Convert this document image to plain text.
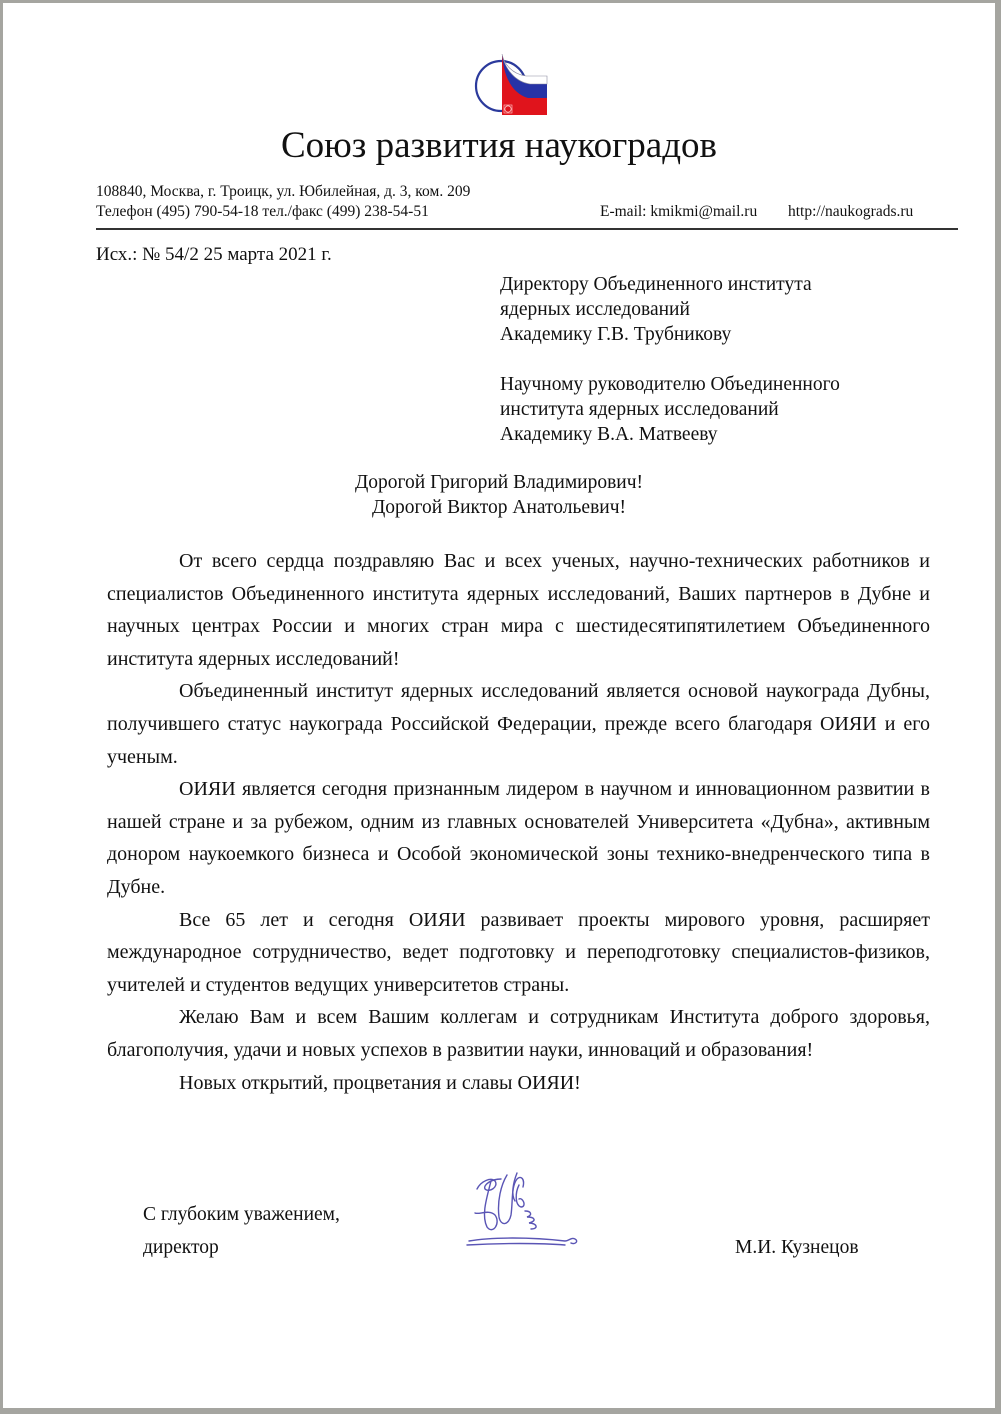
Союз развития наукоградов
108840, Москва, г. Троицк, ул. Юбилейная, д. 3, ком. 209
Телефон (495) 790-54-18 тел./факс (499) 238-54-51	E-mail: kmikmi@mail.ru http://naukograds.ru
Исх.: № 54/2 25 марта 2021 г.
Директору Объединенного института
ядерных исследований
Академику Г.В. Трубникову
Научному руководителю Объединенного
института ядерных исследований
Академику В.А. Матвееву
Дорогой Григорий Владимирович!
Дорогой Виктор Анатольевич!

От всего сердца поздравляю Вас и всех ученых, научно-технических работников и специалистов Объединенного института ядерных исследований, Ваших партнеров в Дубне и научных центрах России и многих стран мира с шестидесятипятилетием Объединенного института ядерных исследований!

Объединенный институт ядерных исследований является основой наукограда Дубны, получившего статус наукограда Российской Федерации, прежде всего благодаря ОИЯИ и его ученым.

ОИЯИ является сегодня признанным лидером в научном и инновационном развитии в нашей стране и за рубежом, одним из главных основателей Университета «Дубна», активным донором наукоемкого бизнеса и Особой экономической зоны технико-внедренческого типа в Дубне.

Все 65 лет и сегодня ОИЯИ развивает проекты мирового уровня, расширяет международное сотрудничество, ведет подготовку и переподготовку специалистов-физиков, учителей и студентов ведущих университетов страны.

Желаю Вам и всем Вашим коллегам и сотрудникам Института доброго здоровья, благополучия, удачи и новых успехов в развитии науки, инноваций и образования!

Новых открытий, процветания и славы ОИЯИ!

С глубоким уважением,
директор	М.И. Кузнецов
